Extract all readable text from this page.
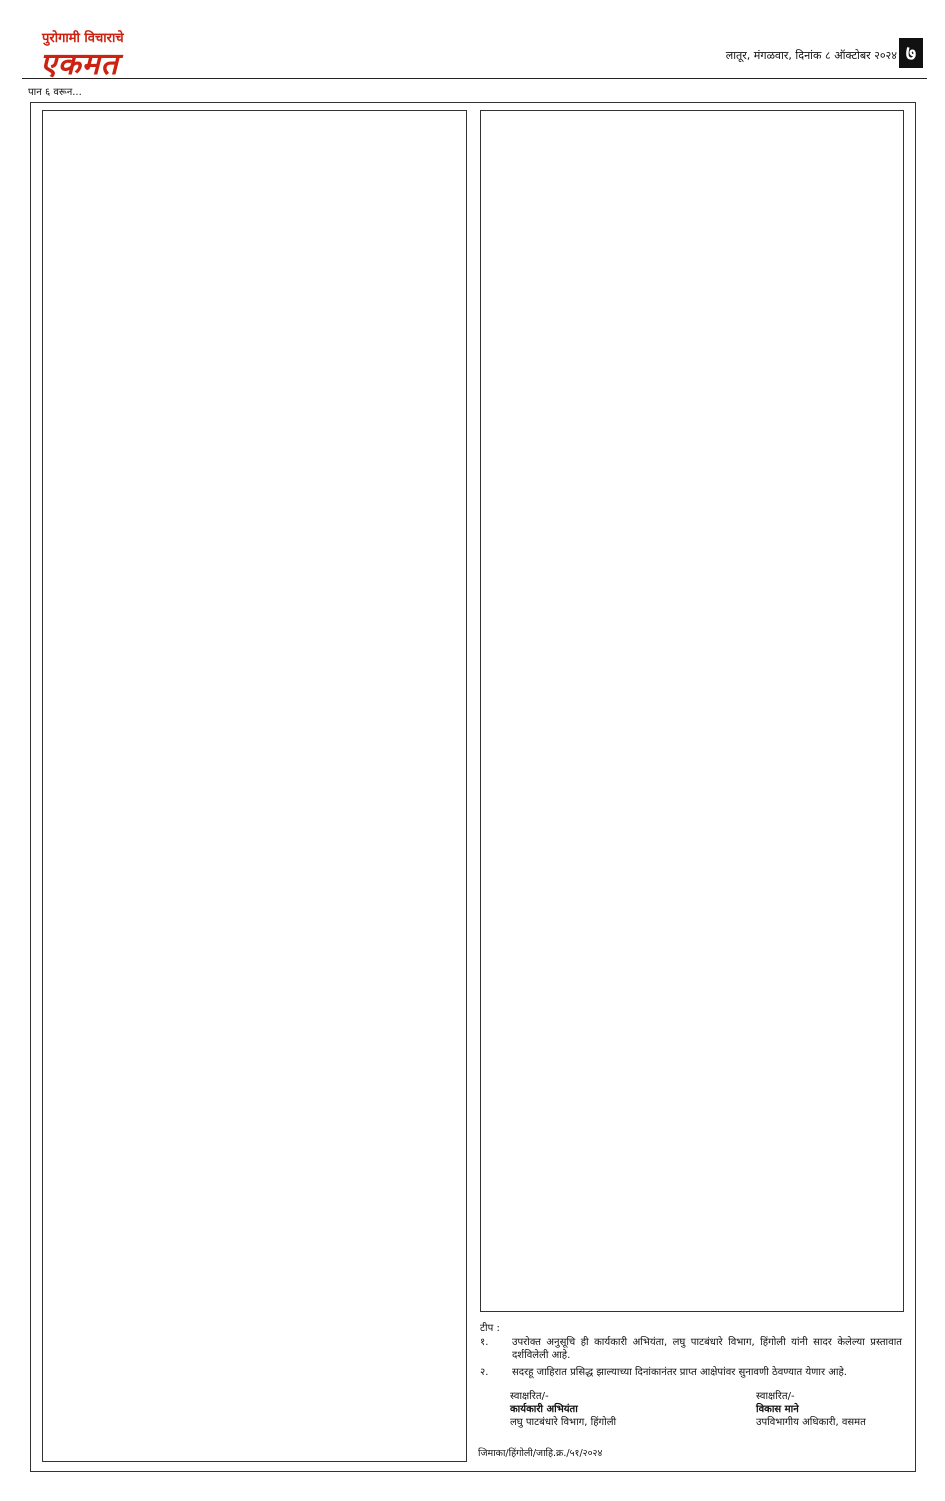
पुरोगामी विचाराचे
एकमत	लातूर, मंगळवार, दिनांक ८ ऑक्टोबर २०२४ ७
पान ६ वरून...
टीप :
१. उपरोक्त अनुसूचि ही कार्यकारी अभियंता, लघु पाटबंधारे विभाग, हिंगोली यांनी सादर केलेल्या प्रस्तावात दर्शविलेली आहे.
२. सदरहू जाहिरात प्रसिद्ध झाल्याच्या दिनांकानंतर प्राप्त आक्षेपांवर सुनावणी ठेवण्यात येणार आहे.
स्वाक्षरित/-
कार्यकारी अभियंता
लघु पाटबंधारे विभाग, हिंगोली
स्वाक्षरित/-
विकास माने
उपविभागीय अधिकारी, वसमत
जिमाका/हिंगोली/जाहि.क्र./५१/२०२४
